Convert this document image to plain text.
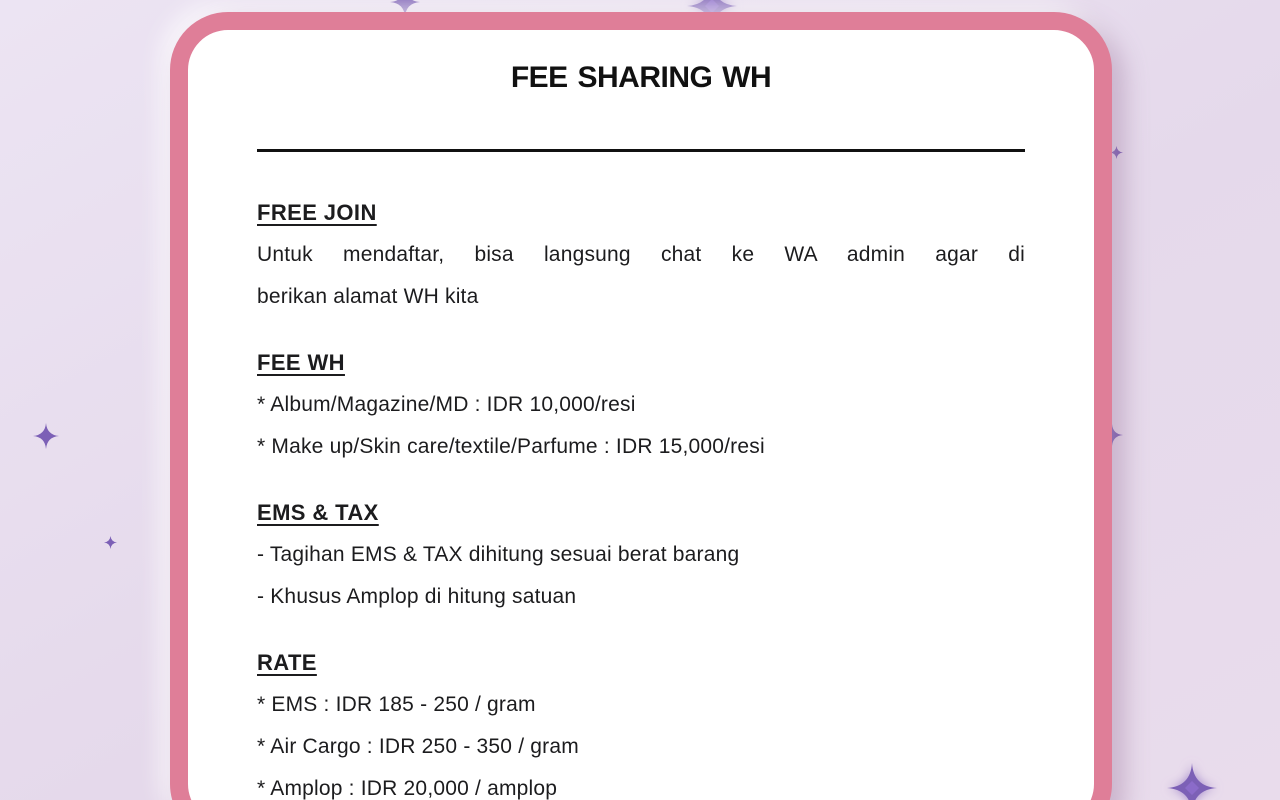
FEE SHARING WH
FREE JOIN
Untuk mendaftar, bisa langsung chat ke WA admin agar di
berikan alamat WH kita
FEE WH
* Album/Magazine/MD : IDR 10,000/resi
* Make up/Skin care/textile/Parfume : IDR 15,000/resi
EMS & TAX
- Tagihan EMS & TAX dihitung sesuai berat barang
- Khusus Amplop di hitung satuan
RATE
* EMS : IDR 185 - 250 / gram
* Air Cargo : IDR 250 - 350 / gram
* Amplop : IDR 20,000 / amplop
